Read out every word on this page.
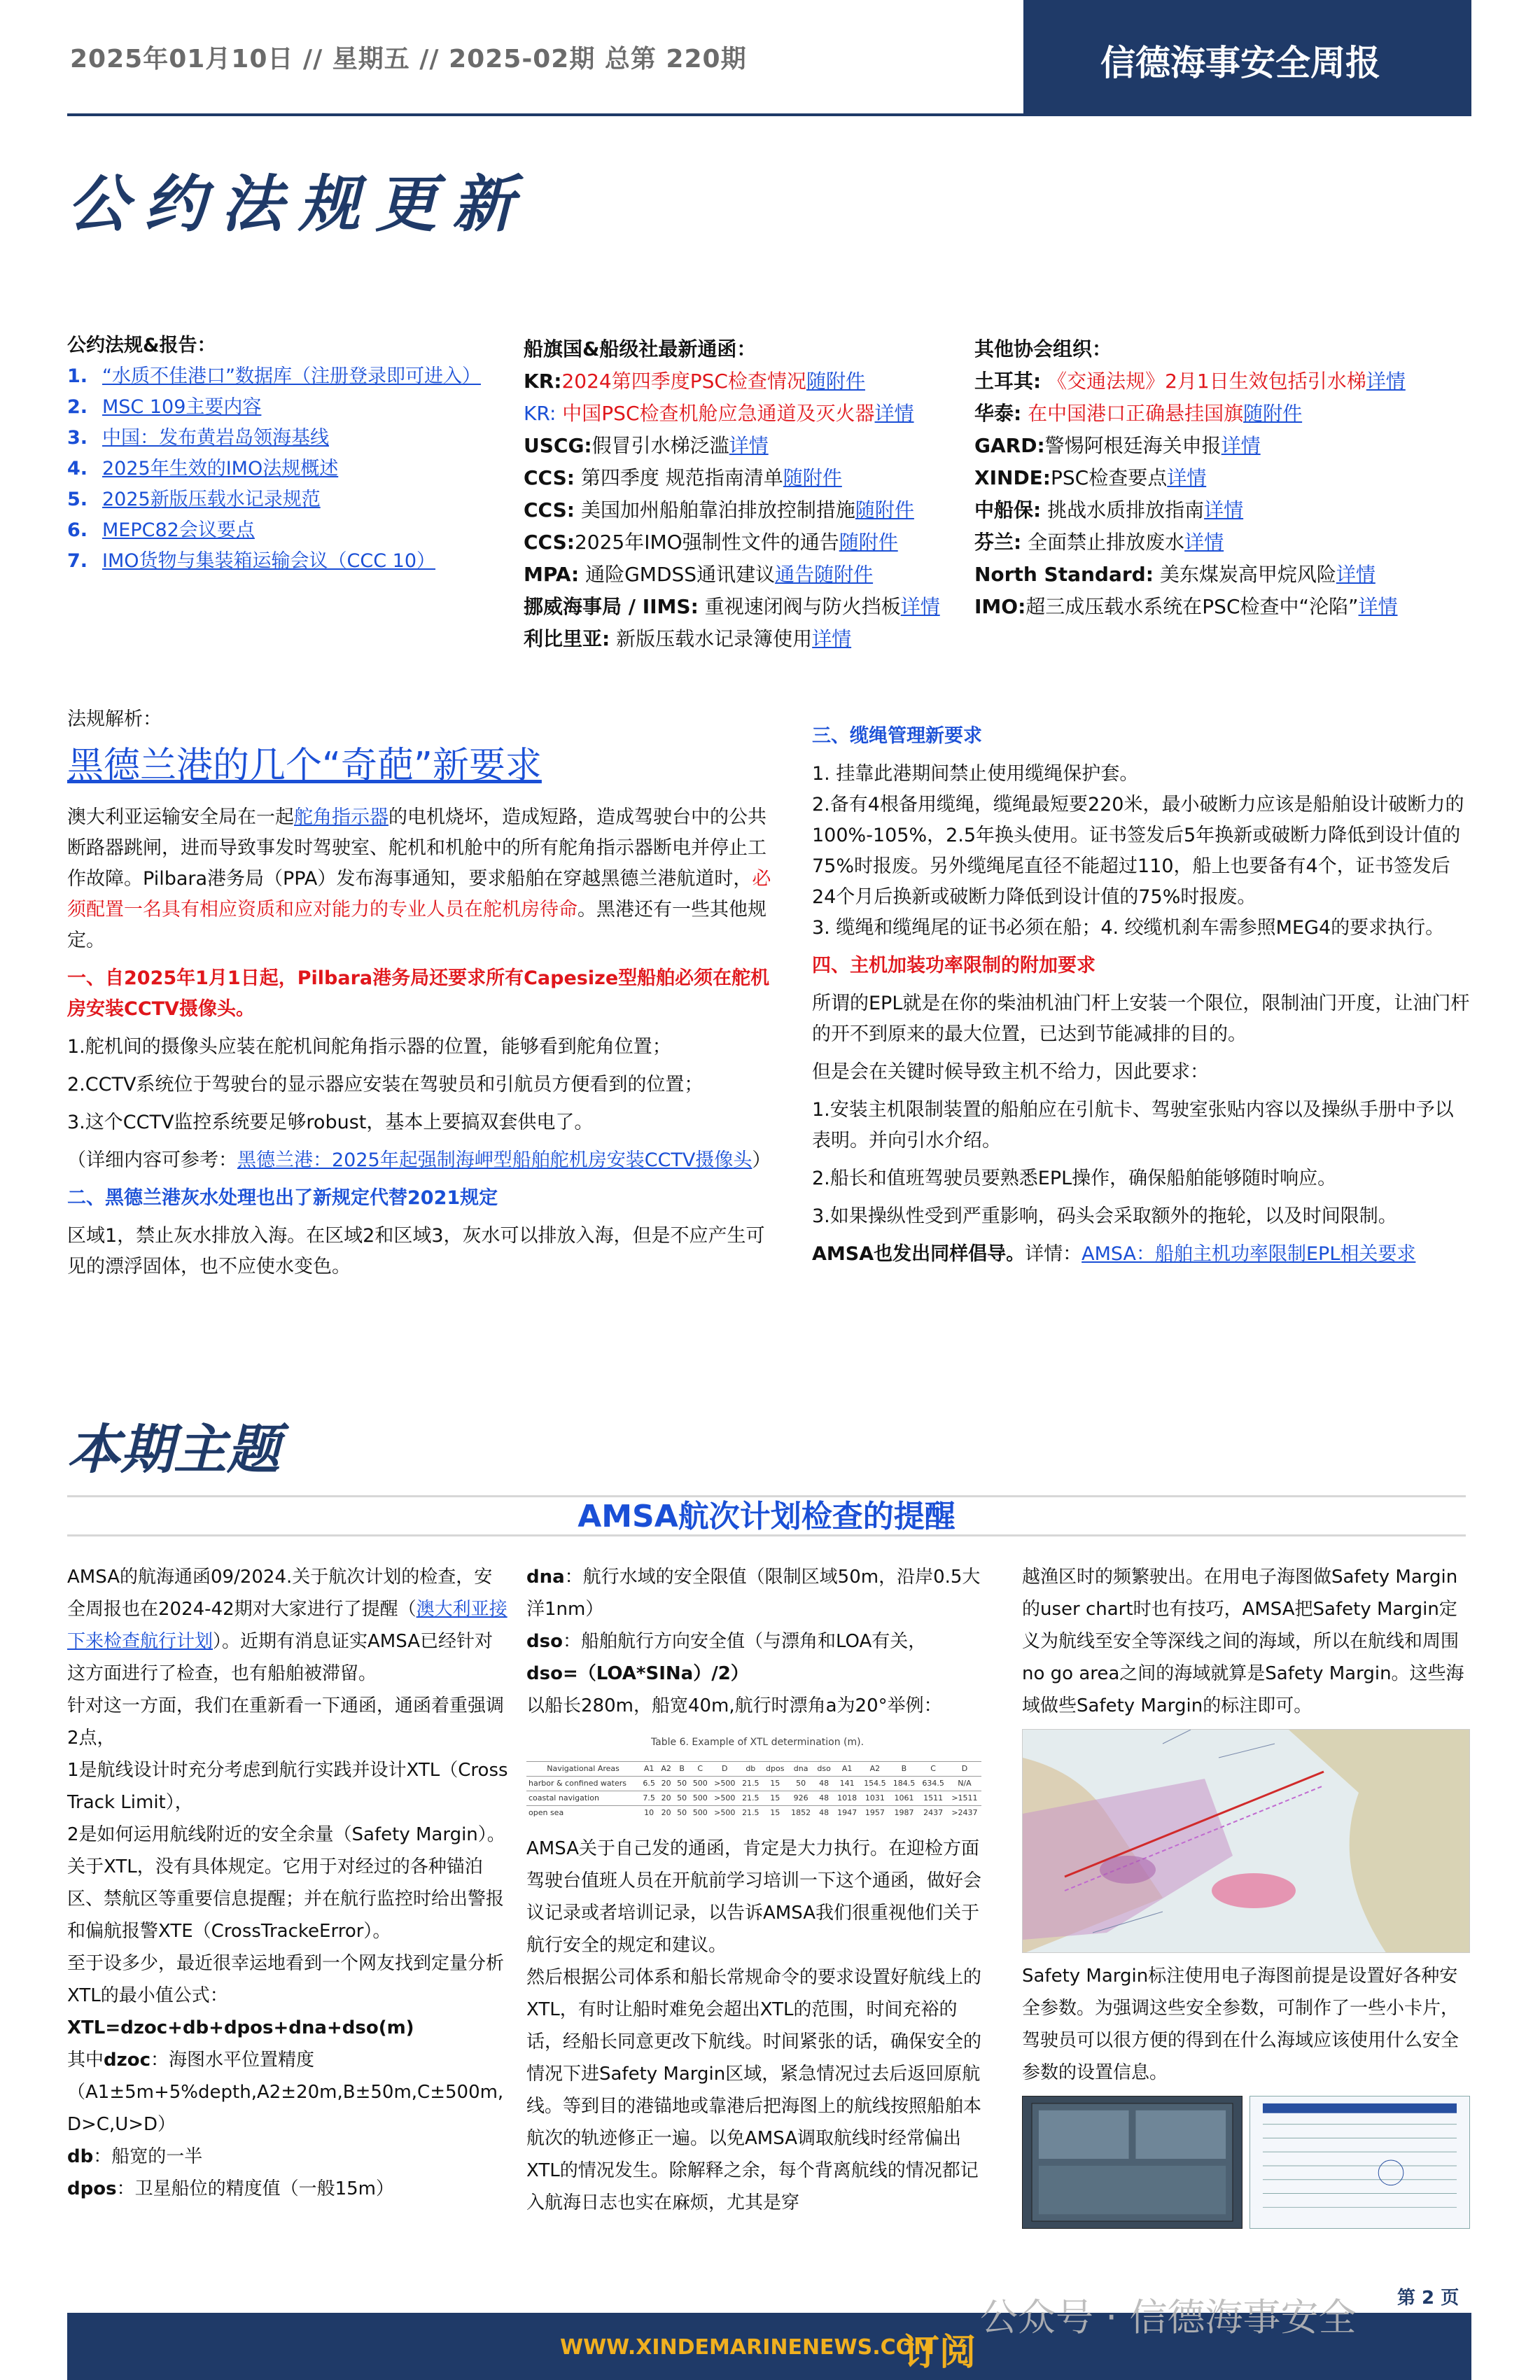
2025年01月10日 // 星期五 // 2025-02期 总第 220期	信德海事安全周报
公约法规更新
公约法规&报告：
1. “水质不佳港口”数据库（注册登录即可进入）
2. MSC 109主要内容
3. 中国：发布黄岩岛领海基线
4. 2025年生效的IMO法规概述
5. 2025新版压载水记录规范
6. MEPC82会议要点
7. IMO货物与集装箱运输会议（CCC 10）
船旗国&船级社最新通函：
KR:2024第四季度PSC检查情况随附件
KR: 中国PSC检查机舱应急通道及灭火器详情
USCG:假冒引水梯泛滥详情
CCS: 第四季度 规范指南清单随附件
CCS: 美国加州船舶靠泊排放控制措施随附件
CCS:2025年IMO强制性文件的通告随附件
MPA: 通险GMDSS通讯建议通告随附件
挪威海事局 / IIMS: 重视速闭阀与防火挡板详情
利比里亚: 新版压载水记录簿使用详情
其他协会组织：
土耳其: 《交通法规》2月1日生效包括引水梯详情
华泰: 在中国港口正确悬挂国旗随附件
GARD:警惕阿根廷海关申报详情
XINDE:PSC检查要点详情
中船保: 挑战水质排放指南详情
芬兰: 全面禁止排放废水详情
North Standard: 美东煤炭高甲烷风险详情
IMO:超三成压载水系统在PSC检查中“沦陷”详情
法规解析：
黑德兰港的几个“奇葩”新要求
澳大利亚运输安全局在一起舵角指示器的电机烧坏，造成短路，造成驾驶台中的公共断路器跳闸，进而导致事发时驾驶室、舵机和机舱中的所有舵角指示器断电并停止工作故障。Pilbara港务局（PPA）发布海事通知，要求船舶在穿越黑德兰港航道时，必须配置一名具有相应资质和应对能力的专业人员在舵机房待命。黑港还有一些其他规定。
一、自2025年1月1日起，Pilbara港务局还要求所有Capesize型船舶必须在舵机房安装CCTV摄像头。
1.舵机间的摄像头应装在舵机间舵角指示器的位置，能够看到舵角位置；
2.CCTV系统位于驾驶台的显示器应安装在驾驶员和引航员方便看到的位置；
3.这个CCTV监控系统要足够robust，基本上要搞双套供电了。
（详细内容可参考：黑德兰港：2025年起强制海岬型船舶舵机房安装CCTV摄像头）
二、黑德兰港灰水处理也出了新规定代替2021规定
区域1，禁止灰水排放入海。在区域2和区域3，灰水可以排放入海，但是不应产生可见的漂浮固体，也不应使水变色。
三、缆绳管理新要求
1. 挂靠此港期间禁止使用缆绳保护套。
2.备有4根备用缆绳，缆绳最短要220米，最小破断力应该是船舶设计破断力的100%-105%，2.5年换头使用。证书签发后5年换新或破断力降低到设计值的75%时报废。另外缆绳尾直径不能超过110，船上也要备有4个，证书签发后24个月后换新或破断力降低到设计值的75%时报废。
3. 缆绳和缆绳尾的证书必须在船；4. 绞缆机刹车需参照MEG4的要求执行。
四、主机加装功率限制的附加要求
所谓的EPL就是在你的柴油机油门杆上安装一个限位，限制油门开度，让油门杆的开不到原来的最大位置，已达到节能减排的目的。
但是会在关键时候导致主机不给力，因此要求：
1.安装主机限制装置的船舶应在引航卡、驾驶室张贴内容以及操纵手册中予以表明。并向引水介绍。
2.船长和值班驾驶员要熟悉EPL操作，确保船舶能够随时响应。
3.如果操纵性受到严重影响，码头会采取额外的拖轮，以及时间限制。
AMSA也发出同样倡导。详情：AMSA：船舶主机功率限制EPL相关要求
本期主题
AMSA航次计划检查的提醒
AMSA的航海通函09/2024.关于航次计划的检查，安全周报也在2024-42期对大家进行了提醒（澳大利亚接下来检查航行计划）。近期有消息证实AMSA已经针对这方面进行了检查，也有船舶被滞留。
针对这一方面，我们在重新看一下通函，通函着重强调2点，
1是航线设计时充分考虑到航行实践并设计XTL（Cross Track Limit），
2是如何运用航线附近的安全余量（Safety Margin）。
关于XTL，没有具体规定。它用于对经过的各种锚泊区、禁航区等重要信息提醒；并在航行监控时给出警报和偏航报警XTE（CrossTrackeError）。
至于设多少，最近很幸运地看到一个网友找到定量分析XTL的最小值公式：
XTL=dzoc+db+dpos+dna+dso(m)
其中dzoc：海图水平位置精度（A1±5m+5%depth,A2±20m,B±50m,C±500m, D>C,U>D）
db：船宽的一半
dpos：卫星船位的精度值（一般15m）
dna：航行水域的安全限值（限制区域50m，沿岸0.5大洋1nm）
dso：船舶航行方向安全值（与漂角和LOA有关，
dso=（LOA*SINa）/2）
以船长280m，船宽40m,航行时漂角a为20°举例：
Table 6. Example of XTL determination (m).
Navigational Areas	A1	A2	B	C	D	db	dpos	dna	dso	A1	A2	B	C	D
harbor & confined waters	6.5	20	50	500	>500	21.5	15	50	48	141	154.5	184.5	634.5	N/A
coastal navigation	7.5	20	50	500	>500	21.5	15	926	48	1018	1031	1061	1511	>1511
open sea	10	20	50	500	>500	21.5	15	1852	48	1947	1957	1987	2437	>2437
AMSA关于自己发的通函，肯定是大力执行。在迎检方面驾驶台值班人员在开航前学习培训一下这个通函，做好会议记录或者培训记录，以告诉AMSA我们很重视他们关于航行安全的规定和建议。
然后根据公司体系和船长常规命令的要求设置好航线上的XTL，有时让船时难免会超出XTL的范围，时间充裕的话，经船长同意更改下航线。时间紧张的话，确保安全的情况下进Safety Margin区域，紧急情况过去后返回原航线。等到目的港锚地或靠港后把海图上的航线按照船舶本航次的轨迹修正一遍。以免AMSA调取航线时经常偏出XTL的情况发生。除解释之余，每个背离航线的情况都记入航海日志也实在麻烦，尤其是穿
越渔区时的频繁驶出。在用电子海图做Safety Margin的user chart时也有技巧，AMSA把Safety Margin定义为航线至安全等深线之间的海域，所以在航线和周围no go area之间的海域就算是Safety Margin。这些海域做些Safety Margin的标注即可。
Safety Margin标注使用电子海图前提是设置好各种安全参数。为强调这些安全参数，可制作了一些小卡片，驾驶员可以很方便的得到在什么海域应该使用什么安全参数的设置信息。
第 2 页
WWW.XINDEMARINENEWS.COM
订阅
公众号 · 信德海事安全
